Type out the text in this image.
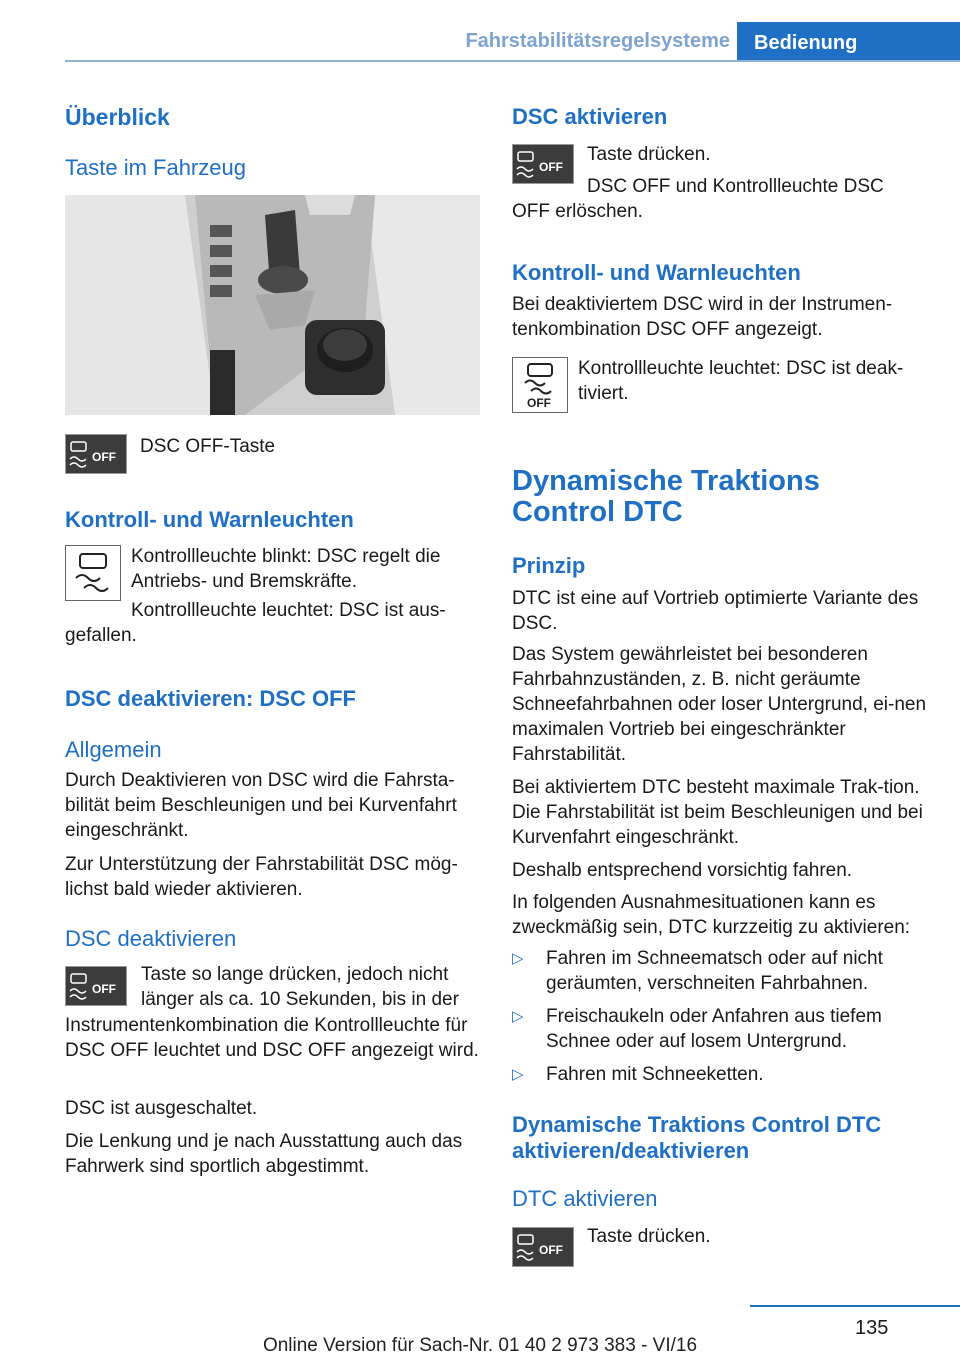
Fahrstabilitätsregelsysteme	Bedienung
Überblick
Taste im Fahrzeug
OFF DSC OFF-Taste
Kontroll- und Warnleuchten
Kontrollleuchte blinkt: DSC regelt die Antriebs- und Bremskräfte.
Kontrollleuchte leuchtet: DSC ist aus-
gefallen.
DSC deaktivieren: DSC OFF
Allgemein
Durch Deaktivieren von DSC wird die Fahrsta-bilität beim Beschleunigen und bei Kurvenfahrt eingeschränkt.
Zur Unterstützung der Fahrstabilität DSC mög-lichst bald wieder aktivieren.
DSC deaktivieren
OFF
Taste so lange drücken, jedoch nicht länger als ca. 10 Sekunden, bis in der
Instrumentenkombination die Kontrollleuchte für DSC OFF leuchtet und DSC OFF angezeigt wird.
DSC ist ausgeschaltet.
Die Lenkung und je nach Ausstattung auch das Fahrwerk sind sportlich abgestimmt.
DSC aktivieren
OFF
Taste drücken.
DSC OFF und Kontrollleuchte DSC
OFF erlöschen.
Kontroll- und Warnleuchten
Bei deaktiviertem DSC wird in der Instrumen-tenkombination DSC OFF angezeigt.
OFF
Kontrollleuchte leuchtet: DSC ist deak-tiviert.
Dynamische Traktions
Control DTC
Prinzip
DTC ist eine auf Vortrieb optimierte Variante des DSC.
Das System gewährleistet bei besonderen Fahrbahnzuständen, z. B. nicht geräumte Schneefahrbahnen oder loser Untergrund, ei-nen maximalen Vortrieb bei eingeschränkter Fahrstabilität.
Bei aktiviertem DTC besteht maximale Trak-tion. Die Fahrstabilität ist beim Beschleunigen und bei Kurvenfahrt eingeschränkt.
Deshalb entsprechend vorsichtig fahren.
In folgenden Ausnahmesituationen kann es zweckmäßig sein, DTC kurzzeitig zu aktivieren:
▷ Fahren im Schneematsch oder auf nicht geräumten, verschneiten Fahrbahnen.
▷ Freischaukeln oder Anfahren aus tiefem Schnee oder auf losem Untergrund.
▷ Fahren mit Schneeketten.
Dynamische Traktions Control DTC aktivieren/deaktivieren
DTC aktivieren
OFF
Taste drücken.
135
Online Version für Sach-Nr. 01 40 2 973 383 - VI/16
